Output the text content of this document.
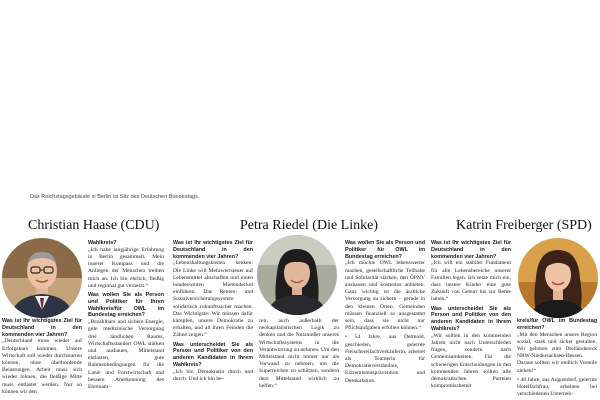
Das Reichstagsgebäude in Berlin ist Sitz des Deutschen Bundestags.
Christian Haase (CDU)	Petra Riedel (Die Linke)	Katrin Freiberger (SPD)

Was ist Ihr wichtigstes Ziel für Deutschland in den kommenden vier Jahren?

„Deutschland muss wieder auf Erfolgskurs kommen. Unsere Wirtschaft soll wieder durchstarten können, ohne überbordende Belastungen. Arbeit muss sich wieder lohnen, die fleißige Mitte muss entlastet werden. Nur so können wir den

Wahlkreis?

„Ich habe langjährige Erfahrung in Berlin gesammelt. Mein innerer Kompass und die Anliegen der Menschen treiben mich an. Ich bin ehrlich, fleißig und regional gut vernetzt.“

Was wollen Sie als Person und Politiker für Ihren Wahlkreis/für OWL im Bundestag erreichen?

„Bezahlbare und sichere Energie, gute medizinische Versorgung drei ländlichen Raums, Wirtschaftsstandort OWL stärken und ausbauen, Mittelstand entlasten, gute Rahmenbedingungen für die Land- und Forstwirtschaft und bessere Anerkennung des Ehrenam-

Was ist Ihr wichtigstes Ziel für Deutschland in den kommenden vier Jahren?

„Lebenshaltungskosten senken: Die Linke will Mehrwertsteuer auf Lebensmittel abschaffen und einen bundesweiten Mietendeckel einführen. Das Renten- und Sozialversicherungssystem solidarisch zukunftssicher machen. Das Wichtigste: Wir müssen dafür kämpfen, unsere Demokratie zu erhalten, und all ihren Feinden die Zähne zeigen.“

Was unterscheidet Sie als Person und Politiker von den anderen Kandidaten in Ihrem Wahlkreis?

„Ich bin Demokratin durch und durch. Und ich bin be-

reit, auch außerhalb der neokapitalistischen Logik zu denken und die Nutznießer unseres Wirtschaftssystems in die Verantwortung zu nehmen. Um den Mittelstand nicht immer nur als Vorwand zu nehmen, um die Superreichen zu schützen, sondern dem Mittelstand wirklich zu helfen.“

Was wollen Sie als Person und Politiker für OWL im Bundestag erreichen?

„Ich möchte OWL lebenswerter machen, gesellschaftliche Teilhabe und Solidarität stärken, den ÖPNV ausbauen und kostenlos anbieten. Ganz wichtig ist die ärztliche Versorgung zu sichern – gerade in den kleinen Orten. Gemeinden müssen finanziell so ausgestattet sein, dass sie nicht nur Pflichtaufgaben erfüllen können.“

• 54 Jahre, aus Detmold, geschieden, gelernte Fleischereifachverkäuferin, arbeitet als Teamerin für Demokratieverständnis, Extremismusprävention und Deeskalation.

Was ist Ihr wichtigstes Ziel für Deutschland in den kommenden vier Jahren?

„Ich will ein stabiles Fundament für alle Lebensbereiche unserer Familien legen. Ich setze mich ein, dass unsere Kinder eine gute Zukunft von Geburt bis zur Rente haben.“

Was unterscheidet Sie als Person und Politiker von den anderen Kandidaten in Ihrem Wahlkreis?

„Wir sollten in den kommenden Jahren nicht nach Unterschieden fragen, sondern nach Gemeinsamkeiten. Für die schwierigen Entscheidungen in den kommenden Jahren sollten alle demokratischen Parteien kompromissbereit

kreis/für OWL im Bundestag erreichen?

„Mit den Menschen unsere Region sozial, stark und sicher gestalten. Wir gehören zum Dreiländereck NRW-Niedersachsen-Hessen. Daraus sollten wir endlich Vorteile ziehen!“

• 48 Jahre, aus Augustdorf, gelernte Hotelfachfrau, arbeitete bei verschiedenen Unterneh-
